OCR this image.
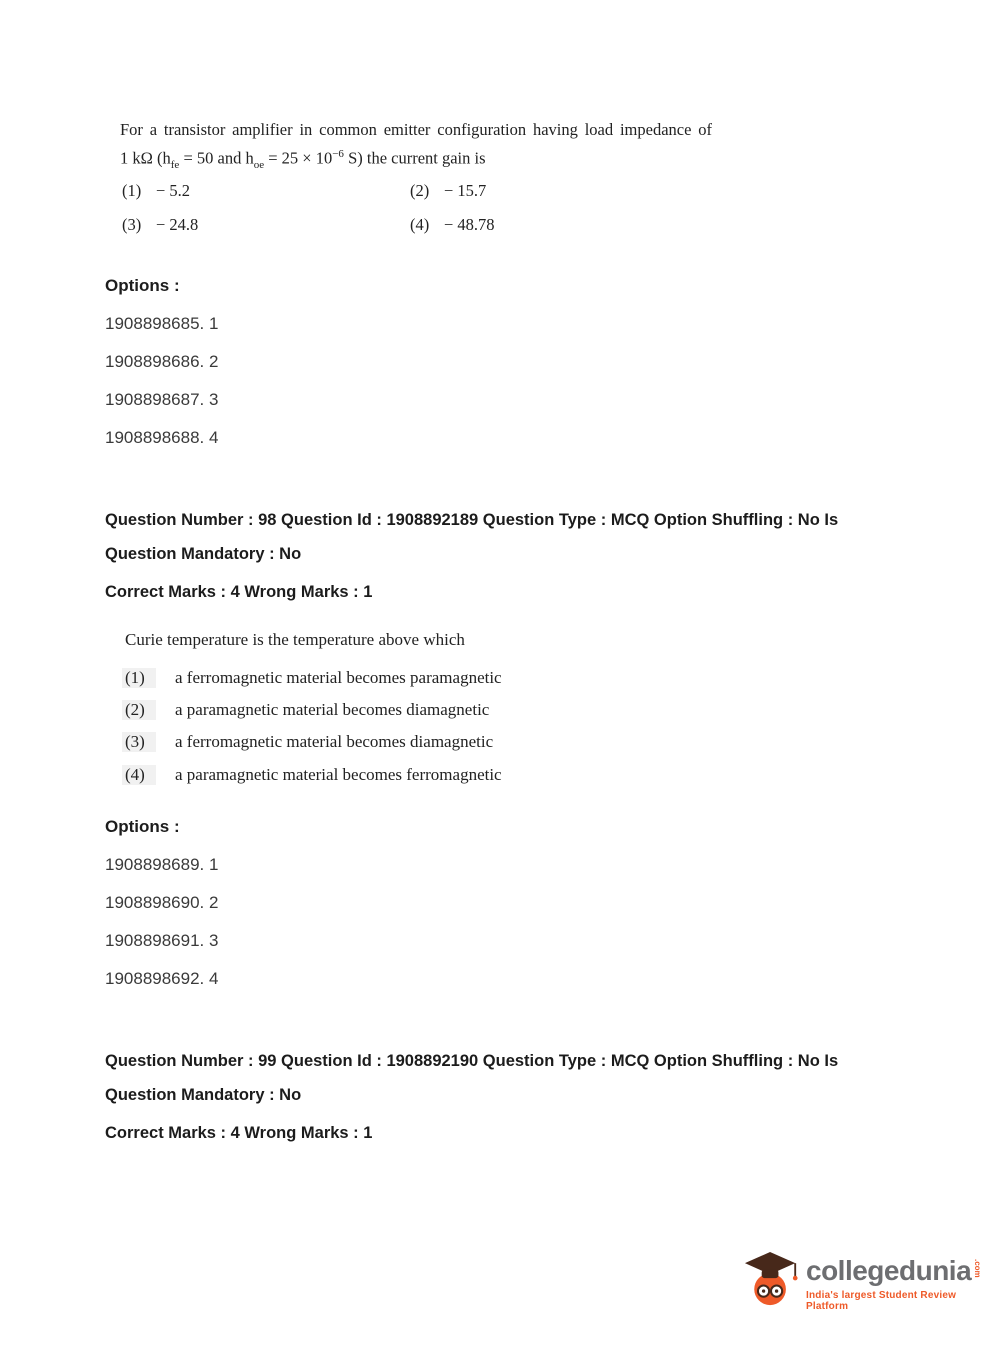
For a transistor amplifier in common emitter configuration having load impedance of
1 kΩ ($h_{fe} = 50$ and $h_{oe} = 25 \times 10^{-6}$ S) the current gain is
(1) − 5.2	(2) − 15.7
(3) − 24.8	(4) − 48.78
Options :
1908898685. 1
1908898686. 2
1908898687. 3
1908898688. 4
Question Number : 98 Question Id : 1908892189 Question Type : MCQ Option Shuffling : No Is
Question Mandatory : No
Correct Marks : 4 Wrong Marks : 1
Curie temperature is the temperature above which
(1) a ferromagnetic material becomes paramagnetic
(2) a paramagnetic material becomes diamagnetic
(3) a ferromagnetic material becomes diamagnetic
(4) a paramagnetic material becomes ferromagnetic
Options :
1908898689. 1
1908898690. 2
1908898691. 3
1908898692. 4
Question Number : 99 Question Id : 1908892190 Question Type : MCQ Option Shuffling : No Is
Question Mandatory : No
Correct Marks : 4 Wrong Marks : 1
collegedunia .com
India's largest Student Review Platform
